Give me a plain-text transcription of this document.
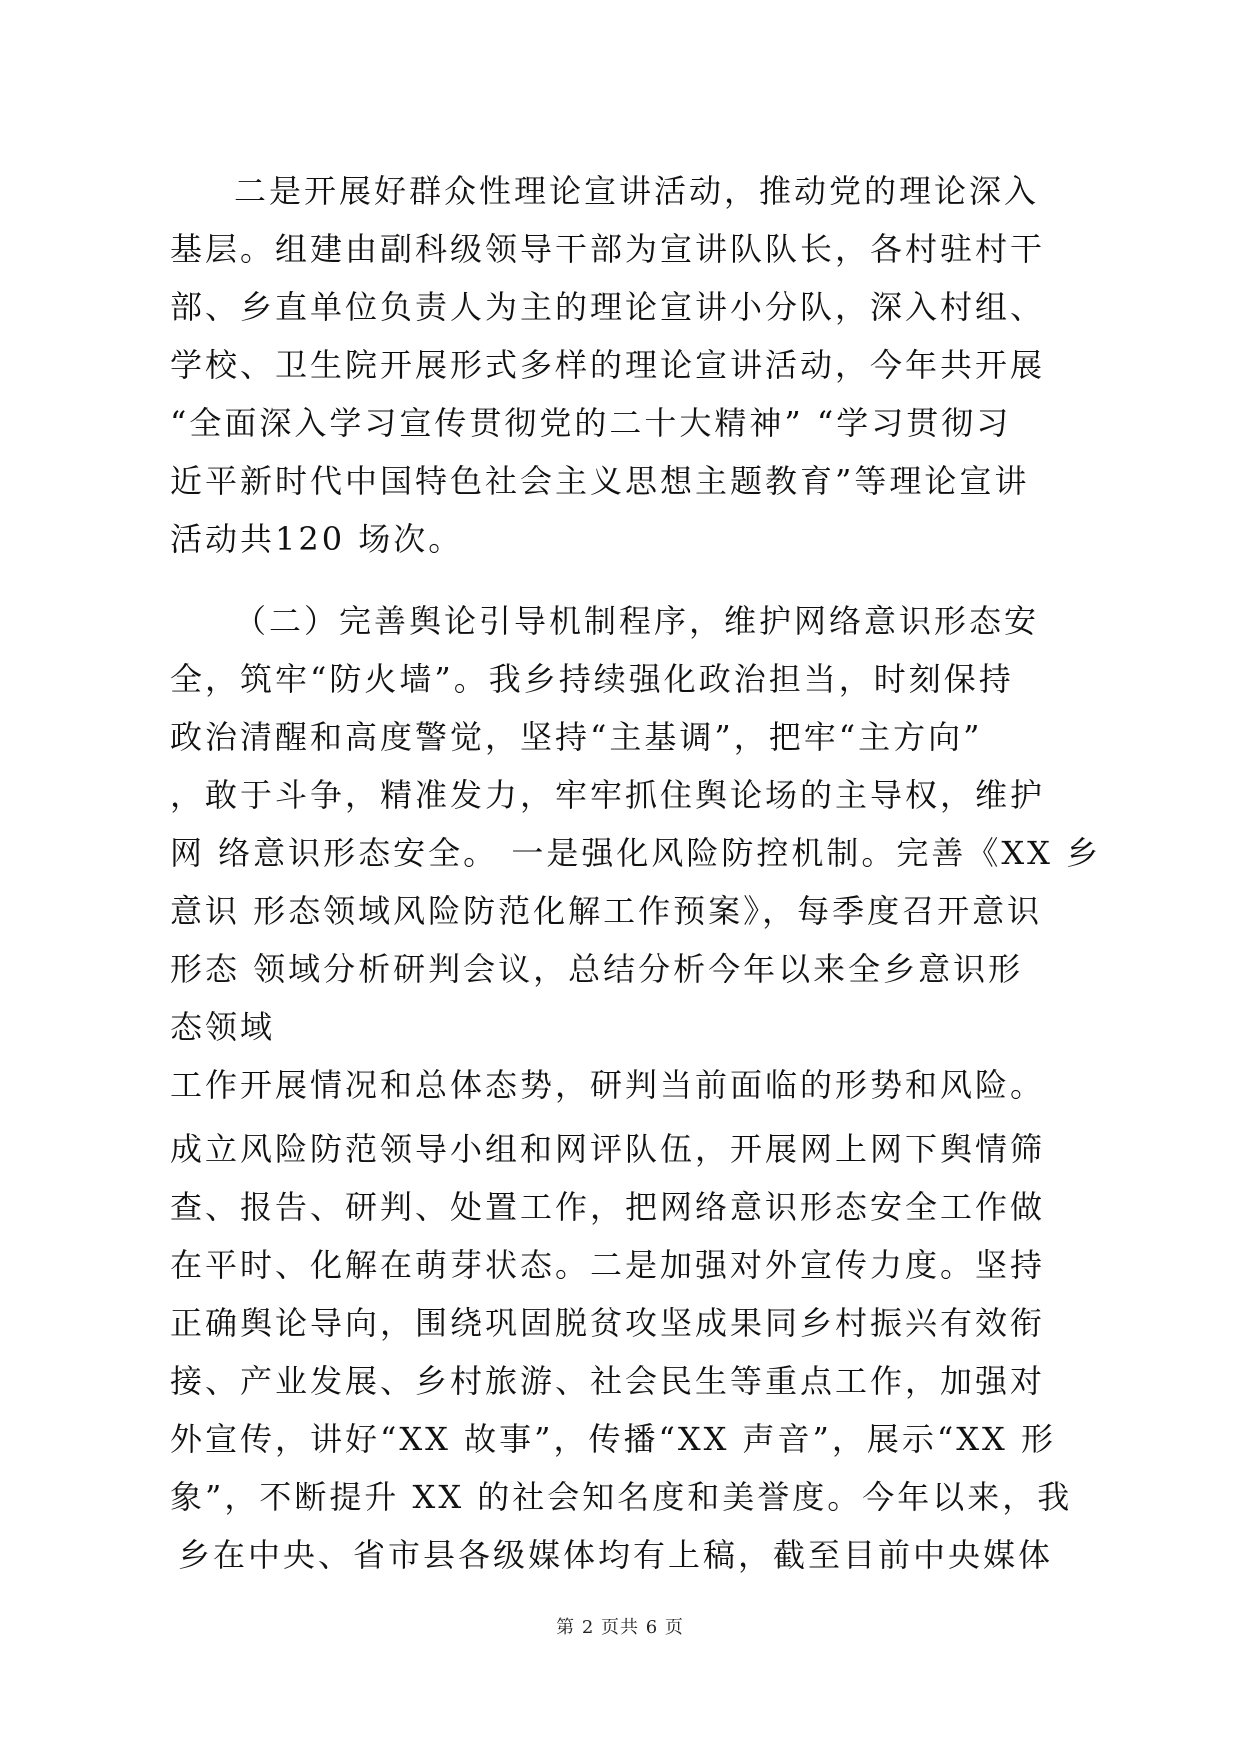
二是开展好群众性理论宣讲活动，推动党的理论深入
基层。组建由副科级领导干部为宣讲队队长，各村驻村干
部、乡直单位负责人为主的理论宣讲小分队，深入村组、
学校、卫生院开展形式多样的理论宣讲活动，今年共开展
“全面深入学习宣传贯彻党的二十大精神” “学习贯彻习
近平新时代中国特色社会主义思想主题教育”等理论宣讲
活动共120 场次。
（二）完善舆论引导机制程序，维护网络意识形态安
全，筑牢“防火墙”。我乡持续强化政治担当，时刻保持
政治清醒和高度警觉，坚持“主基调”，把牢“主方向”
，敢于斗争，精准发力，牢牢抓住舆论场的主导权，维护
网 络意识形态安全。 一是强化风险防控机制。完善《XX 乡
意识 形态领域风险防范化解工作预案》，每季度召开意识
形态 领域分析研判会议，总结分析今年以来全乡意识形
态领域
工作开展情况和总体态势，研判当前面临的形势和风险。
成立风险防范领导小组和网评队伍，开展网上网下舆情筛
查、报告、研判、处置工作，把网络意识形态安全工作做
在平时、化解在萌芽状态。二是加强对外宣传力度。坚持
正确舆论导向，围绕巩固脱贫攻坚成果同乡村振兴有效衔
接、产业发展、乡村旅游、社会民生等重点工作，加强对
外宣传，讲好“XX 故事”，传播“XX 声音”，展示“XX 形
象”，不断提升 XX 的社会知名度和美誉度。今年以来，我
乡在中央、省市县各级媒体均有上稿，截至目前中央媒体
第 2 页共 6 页
